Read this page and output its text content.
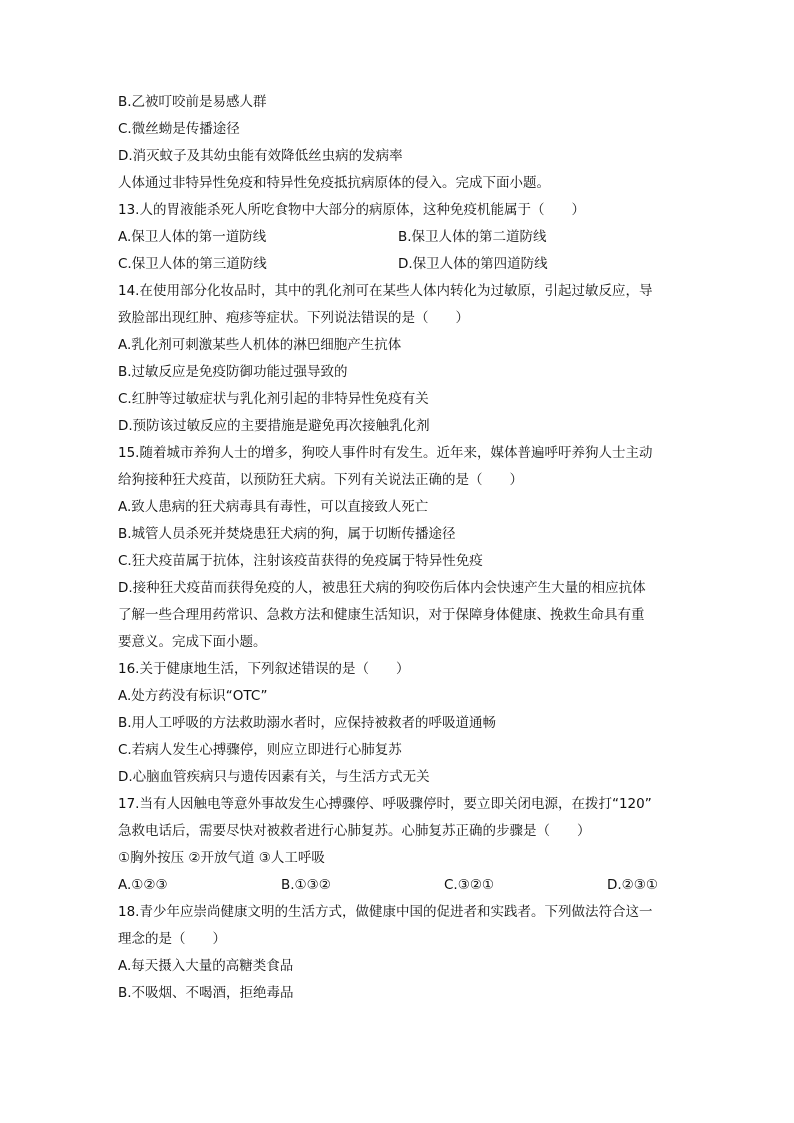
B.乙被叮咬前是易感人群
C.微丝蚴是传播途径
D.消灭蚊子及其幼虫能有效降低丝虫病的发病率
人体通过非特异性免疫和特异性免疫抵抗病原体的侵入。完成下面小题。
13.人的胃液能杀死人所吃食物中大部分的病原体，这种免疫机能属于（　　）
A.保卫人体的第一道防线	B.保卫人体的第二道防线
C.保卫人体的第三道防线	D.保卫人体的第四道防线
14.在使用部分化妆品时，其中的乳化剂可在某些人体内转化为过敏原，引起过敏反应，导
致脸部出现红肿、疱疹等症状。下列说法错误的是（　　）
A.乳化剂可刺激某些人机体的淋巴细胞产生抗体
B.过敏反应是免疫防御功能过强导致的
C.红肿等过敏症状与乳化剂引起的非特异性免疫有关
D.预防该过敏反应的主要措施是避免再次接触乳化剂
15.随着城市养狗人士的增多，狗咬人事件时有发生。近年来，媒体普遍呼吁养狗人士主动
给狗接种狂犬疫苗，以预防狂犬病。下列有关说法正确的是（　　）
A.致人患病的狂犬病毒具有毒性，可以直接致人死亡
B.城管人员杀死并焚烧患狂犬病的狗，属于切断传播途径
C.狂犬疫苗属于抗体，注射该疫苗获得的免疫属于特异性免疫
D.接种狂犬疫苗而获得免疫的人，被患狂犬病的狗咬伤后体内会快速产生大量的相应抗体
了解一些合理用药常识、急救方法和健康生活知识，对于保障身体健康、挽救生命具有重
要意义。完成下面小题。
16.关于健康地生活，下列叙述错误的是（　　）
A.处方药没有标识“OTC”
B.用人工呼吸的方法救助溺水者时，应保持被救者的呼吸道通畅
C.若病人发生心搏骤停，则应立即进行心肺复苏
D.心脑血管疾病只与遗传因素有关，与生活方式无关
17.当有人因触电等意外事故发生心搏骤停、呼吸骤停时，要立即关闭电源，在拨打“120”
急救电话后，需要尽快对被救者进行心肺复苏。心肺复苏正确的步骤是（　　）
①胸外按压 ②开放气道 ③人工呼吸
A.①②③	B.①③②	C.③②①	D.②③①
18.青少年应崇尚健康文明的生活方式，做健康中国的促进者和实践者。下列做法符合这一
理念的是（　　）
A.每天摄入大量的高糖类食品
B.不吸烟、不喝酒，拒绝毒品
